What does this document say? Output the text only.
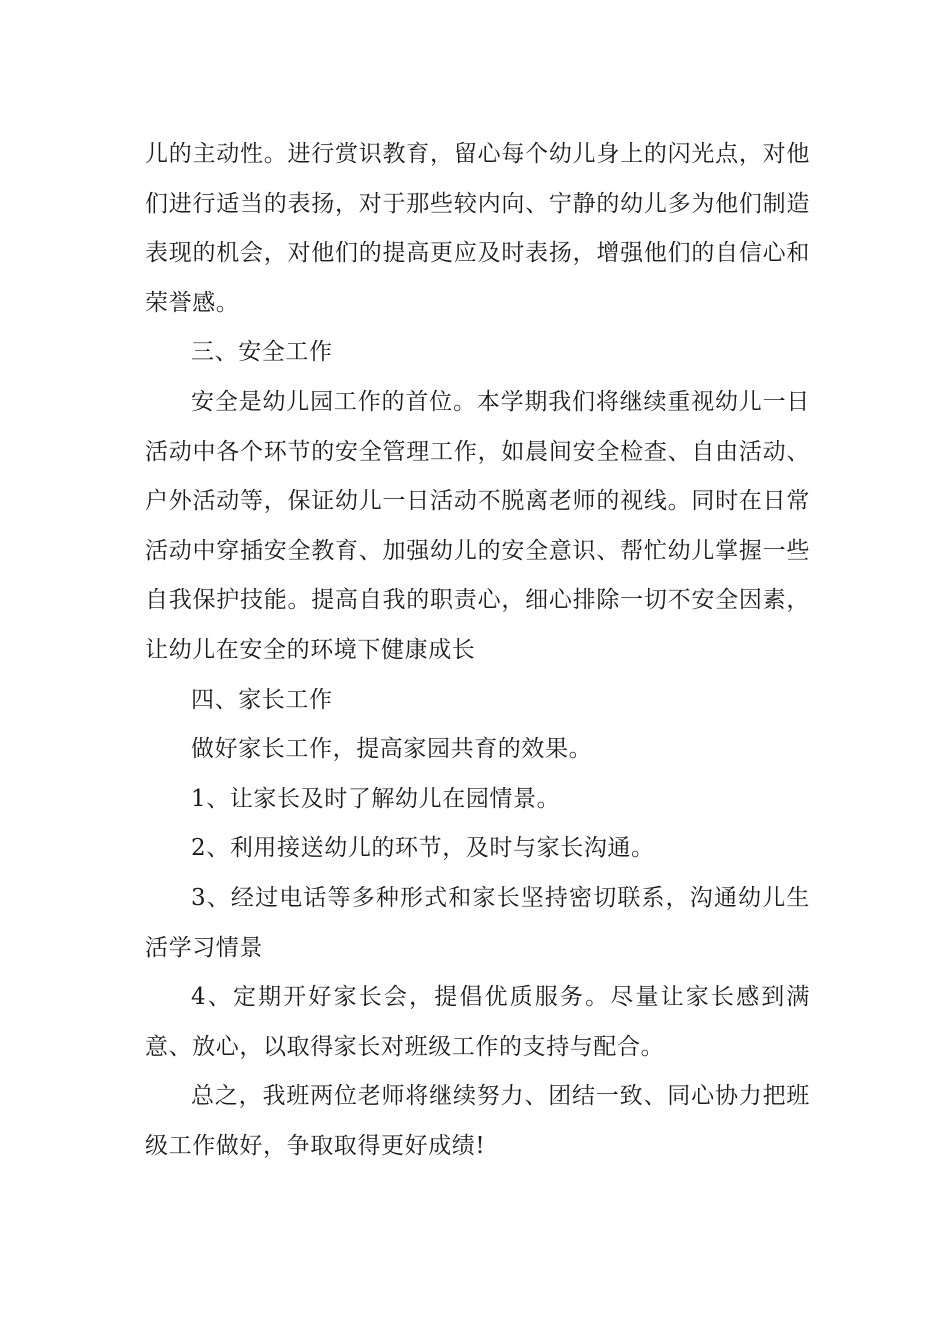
儿的主动性。进行赏识教育，留心每个幼儿身上的闪光点，对他们进行适当的表扬，对于那些较内向、宁静的幼儿多为他们制造表现的机会，对他们的提高更应及时表扬，增强他们的自信心和荣誉感。

三、安全工作

安全是幼儿园工作的首位。本学期我们将继续重视幼儿一日活动中各个环节的安全管理工作，如晨间安全检查、自由活动、户外活动等，保证幼儿一日活动不脱离老师的视线。同时在日常活动中穿插安全教育、加强幼儿的安全意识、帮忙幼儿掌握一些自我保护技能。提高自我的职责心，细心排除一切不安全因素，让幼儿在安全的环境下健康成长

四、家长工作

做好家长工作，提高家园共育的效果。

1、让家长及时了解幼儿在园情景。

2、利用接送幼儿的环节，及时与家长沟通。

3、经过电话等多种形式和家长坚持密切联系，沟通幼儿生活学习情景

4、定期开好家长会，提倡优质服务。尽量让家长感到满意、放心，以取得家长对班级工作的支持与配合。

总之，我班两位老师将继续努力、团结一致、同心协力把班级工作做好，争取取得更好成绩!
